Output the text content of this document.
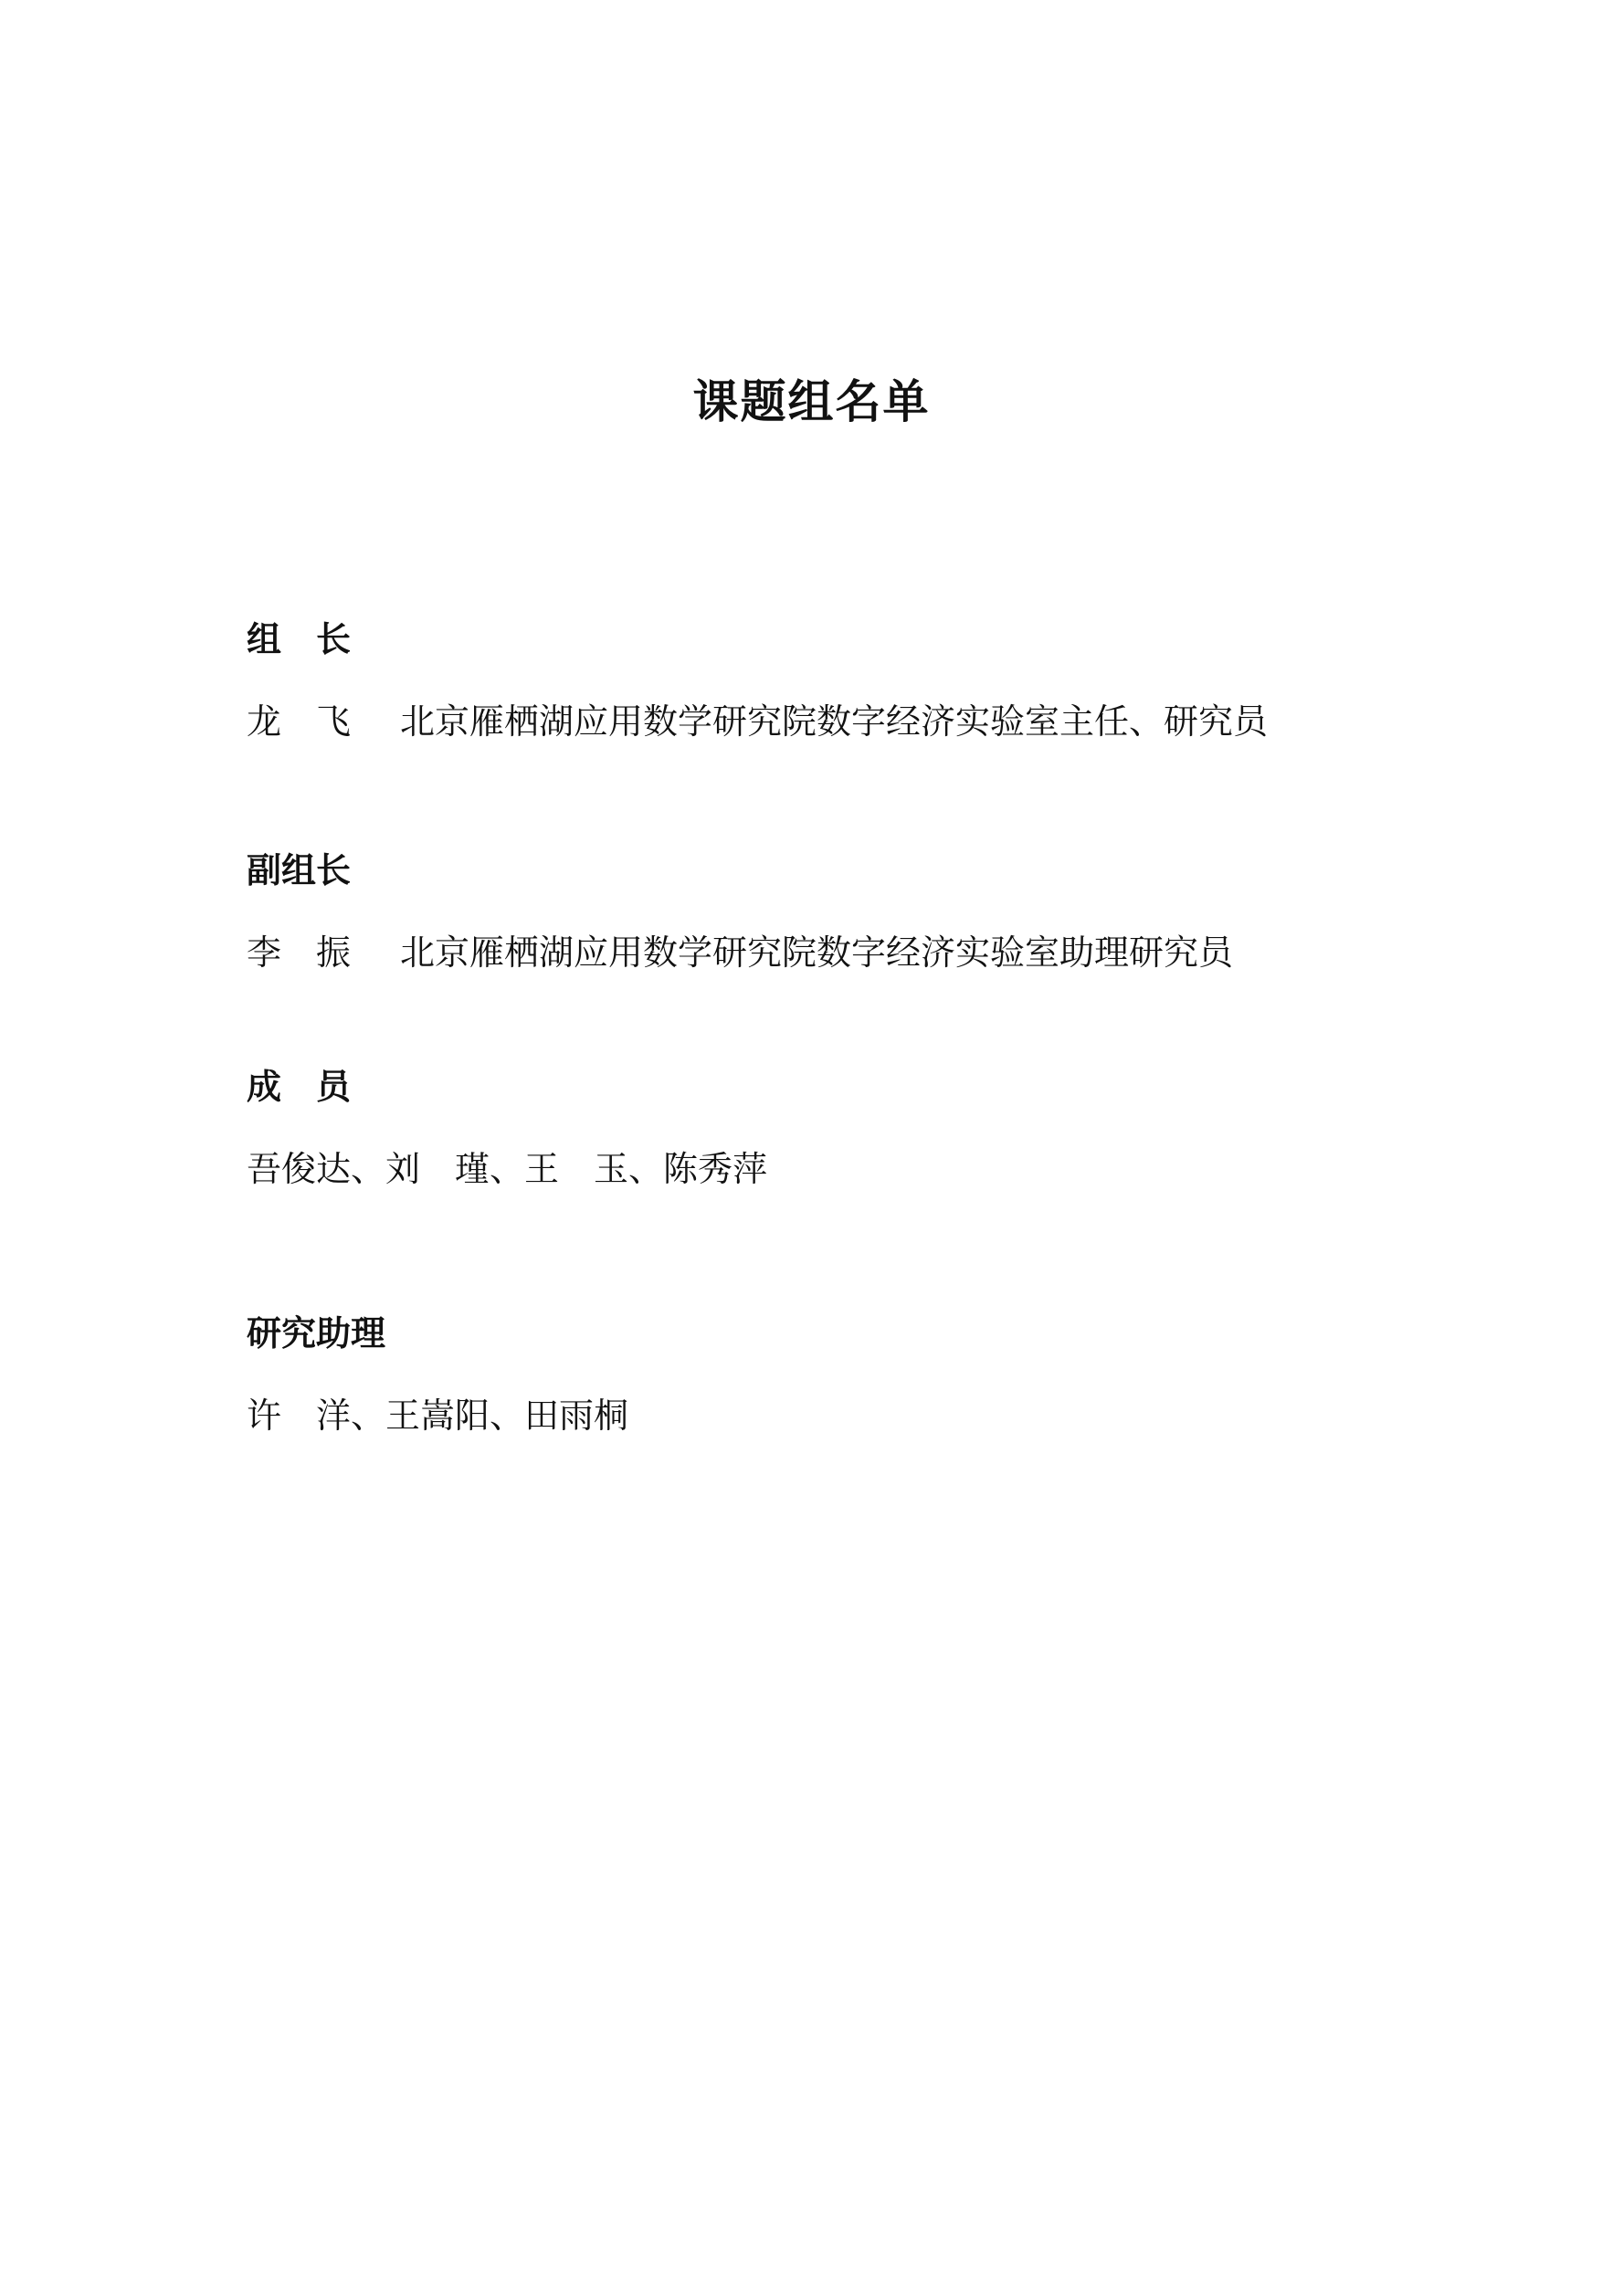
课题组名单
组　长
龙　飞 北京雁栖湖应用数学研究院数字经济实验室主任、研究员
副组长
李　振 北京雁栖湖应用数学研究院数字经济实验室助理研究员
成　员
吾俊达、刘　瑾、王　玉、陈秀萍
研究助理
许　洋、王嵩阳、田雨桐
